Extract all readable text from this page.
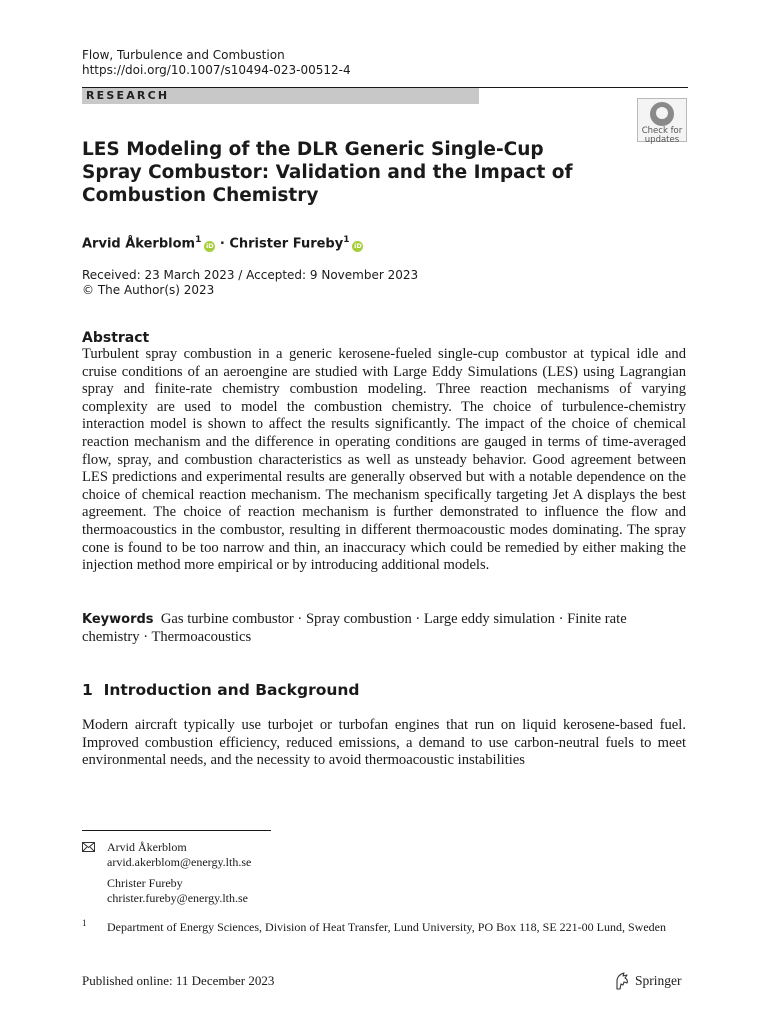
Flow, Turbulence and Combustion
https://doi.org/10.1007/s10494-023-00512-4
RESEARCH
Check for
updates
LES Modeling of the DLR Generic Single-Cup Spray Combustor: Validation and the Impact of Combustion Chemistry
Arvid Åkerblom$^1$iD · Christer Fureby$^1$iD
Received: 23 March 2023 / Accepted: 9 November 2023
© The Author(s) 2023
Abstract
Turbulent spray combustion in a generic kerosene-fueled single-cup combustor at typical idle and cruise conditions of an aeroengine are studied with Large Eddy Simulations (LES) using Lagrangian spray and finite-rate chemistry combustion modeling. Three reaction mechanisms of varying complexity are used to model the combustion chemistry. The choice of turbulence-chemistry interaction model is shown to affect the results significantly. The impact of the choice of chemical reaction mechanism and the difference in operating conditions are gauged in terms of time-averaged flow, spray, and combustion characteristics as well as unsteady behavior. Good agreement between LES predictions and experimental results are generally observed but with a notable dependence on the choice of chemical reaction mechanism. The mechanism specifically targeting Jet A displays the best agreement. The choice of reaction mechanism is further demonstrated to influence the flow and thermoacoustics in the combustor, resulting in different thermoacoustic modes dominating. The spray cone is found to be too narrow and thin, an inaccuracy which could be remedied by either making the injection method more empirical or by introducing additional models.
Keywords Gas turbine combustor · Spray combustion · Large eddy simulation · Finite rate chemistry · Thermoacoustics
1 Introduction and Background
Modern aircraft typically use turbojet or turbofan engines that run on liquid kerosene-based fuel. Improved combustion efficiency, reduced emissions, a demand to use carbon-neutral fuels to meet environmental needs, and the necessity to avoid thermoacoustic instabilities
Arvid Åkerblom
arvid.akerblom@energy.lth.se
Christer Fureby
christer.fureby@energy.lth.se
1 Department of Energy Sciences, Division of Heat Transfer, Lund University, PO Box 118, SE 221-00 Lund, Sweden
Published online: 11 December 2023	Springer
